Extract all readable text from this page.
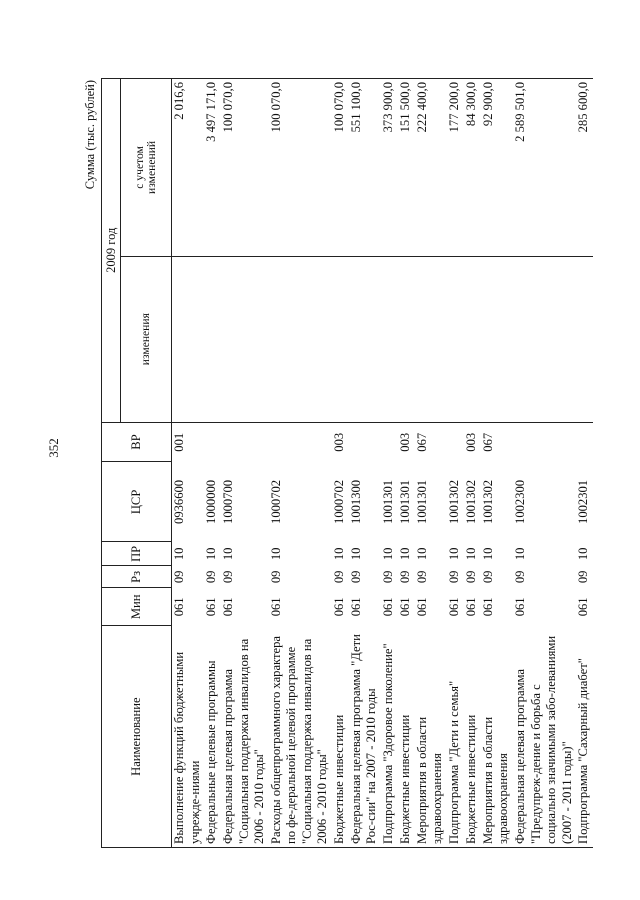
352
Сумма (тыс. рублей)
Наименование	Мин	Рз	ПР	ЦСР	ВР	2009 год	
						изменения	с учетом изменений
Выполнение функций бюджетными учрежде-ниями	061	09	10	0936600	001		2 016,6
Федеральные целевые программы	061	09	10	1000000			3 497 171,0
Федеральная целевая программа "Социальная поддержка инвалидов на 2006 - 2010 годы"	061	09	10	1000700			100 070,0
Расходы общепрограммного характера по фе-деральной целевой программе "Социальная поддержка инвалидов на 2006 - 2010 годы"	061	09	10	1000702			100 070,0
Бюджетные инвестиции	061	09	10	1000702	003		100 070,0
Федеральная целевая программа "Дети Рос-сии" на 2007 - 2010 годы	061	09	10	1001300			551 100,0
Подпрограмма "Здоровое поколение"	061	09	10	1001301			373 900,0
Бюджетные инвестиции	061	09	10	1001301	003		151 500,0
Мероприятия в области здравоохранения	061	09	10	1001301	067		222 400,0
Подпрограмма "Дети и семья"	061	09	10	1001302			177 200,0
Бюджетные инвестиции	061	09	10	1001302	003		84 300,0
Мероприятия в области здравоохранения	061	09	10	1001302	067		92 900,0
Федеральная целевая программа "Предупреж-дение и борьба с социально значимыми забо-леваниями (2007 - 2011 годы)"	061	09	10	1002300			2 589 501,0
Подпрограмма "Сахарный диабет"	061	09	10	1002301			285 600,0
